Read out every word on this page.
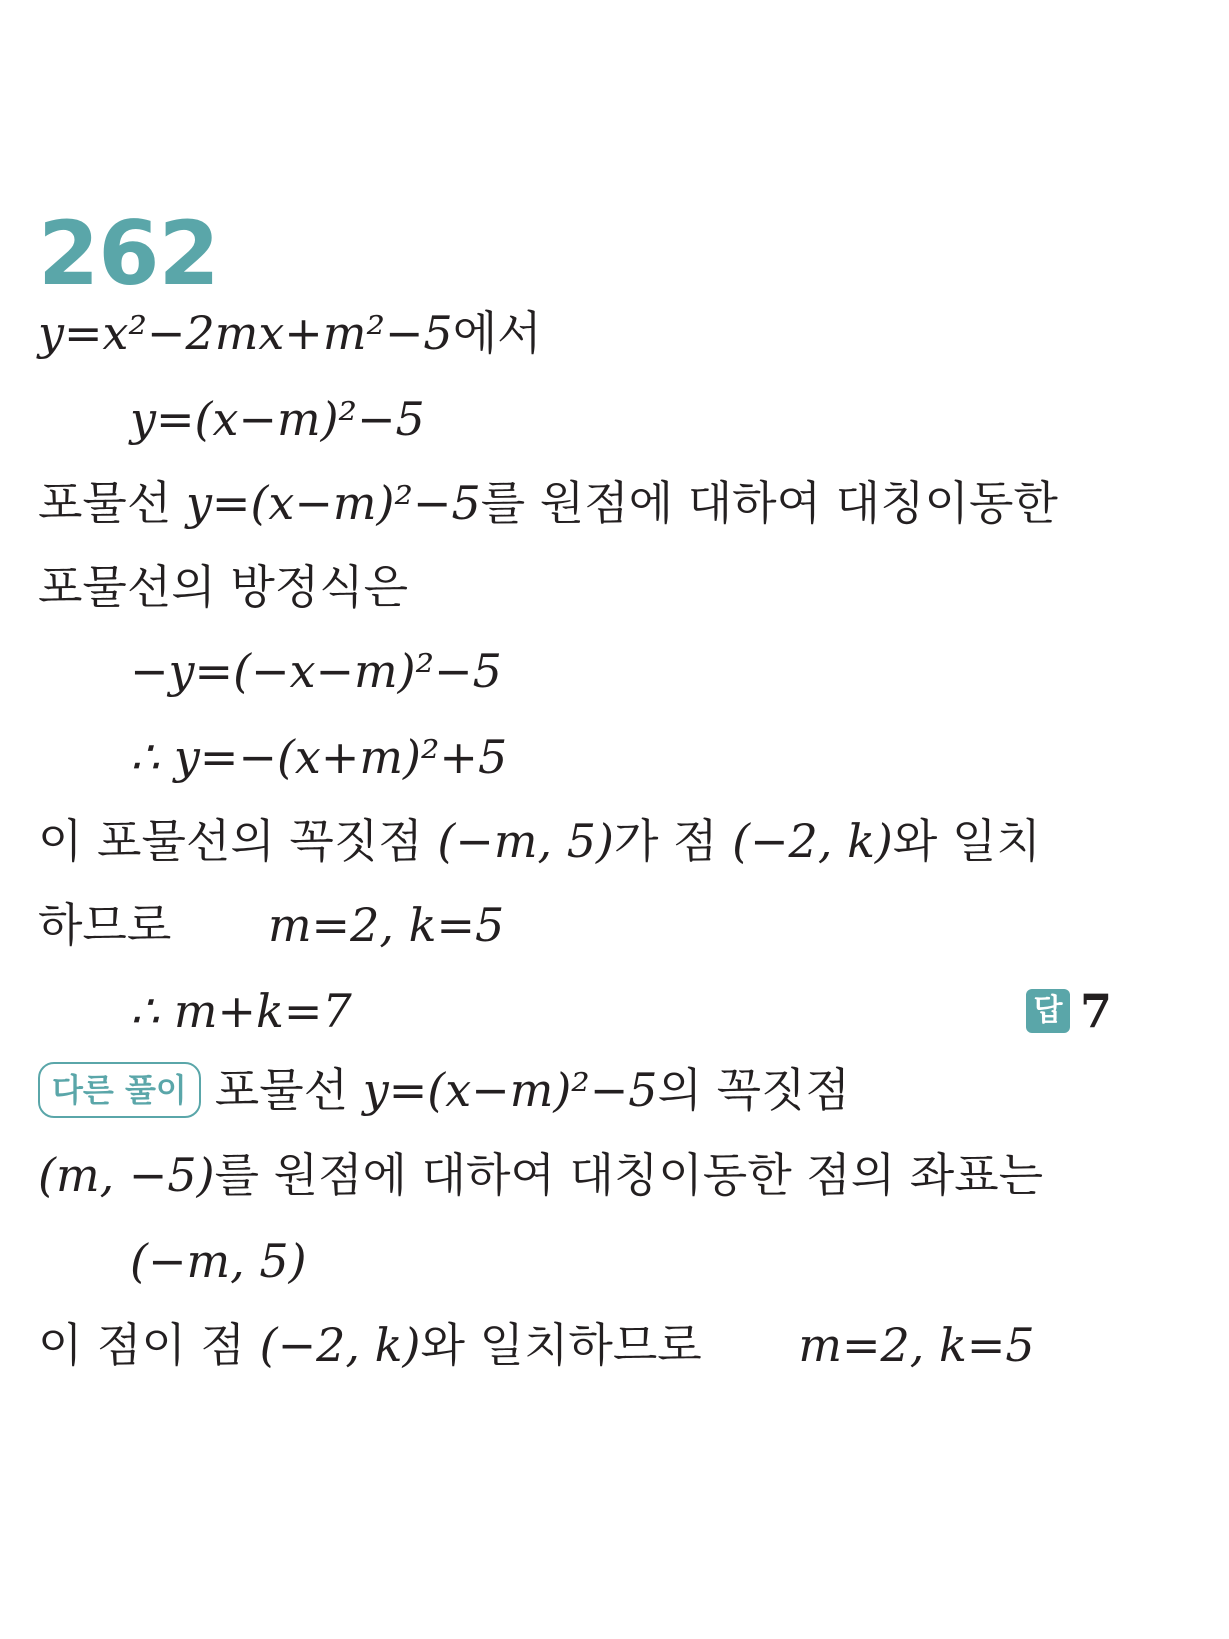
262
y=x²−2mx+m²−5에서
y=(x−m)²−5
포물선 y=(x−m)²−5를 원점에 대하여 대칭이동한
포물선의 방정식은
−y=(−x−m)²−5
∴ y=−(x+m)²+5
이 포물선의 꼭짓점 (−m, 5)가 점 (−2, k)와 일치
하므로 m=2, k=5
∴ m+k=7	답 7
다른 풀이 포물선 y=(x−m)²−5의 꼭짓점
(m, −5)를 원점에 대하여 대칭이동한 점의 좌표는
(−m, 5)
이 점이 점 (−2, k)와 일치하므로 m=2, k=5
